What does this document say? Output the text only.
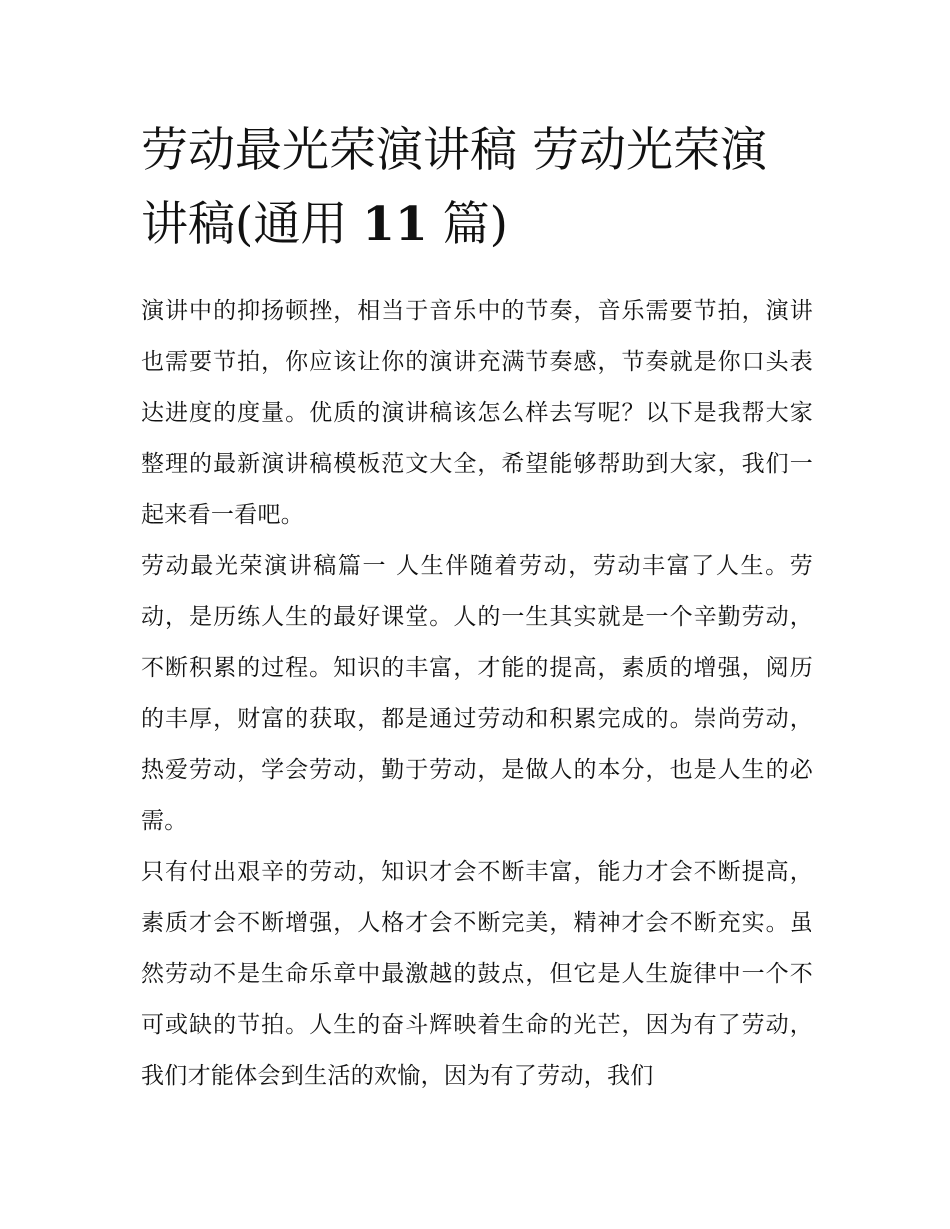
劳动最光荣演讲稿 劳动光荣演讲稿(通用 11 篇)

演讲中的抑扬顿挫，相当于音乐中的节奏，音乐需要节拍，演讲也需要节拍，你应该让你的演讲充满节奏感，节奏就是你口头表达进度的度量。优质的演讲稿该怎么样去写呢？以下是我帮大家整理的最新演讲稿模板范文大全，希望能够帮助到大家，我们一起来看一看吧。

劳动最光荣演讲稿篇一 人生伴随着劳动，劳动丰富了人生。劳动，是历练人生的最好课堂。人的一生其实就是一个辛勤劳动，不断积累的过程。知识的丰富，才能的提高，素质的增强，阅历的丰厚，财富的获取，都是通过劳动和积累完成的。崇尚劳动，热爱劳动，学会劳动，勤于劳动，是做人的本分，也是人生的必需。

只有付出艰辛的劳动，知识才会不断丰富，能力才会不断提高，素质才会不断增强，人格才会不断完美，精神才会不断充实。虽然劳动不是生命乐章中最激越的鼓点，但它是人生旋律中一个不可或缺的节拍。人生的奋斗辉映着生命的光芒，因为有了劳动，我们才能体会到生活的欢愉，因为有了劳动，我们
